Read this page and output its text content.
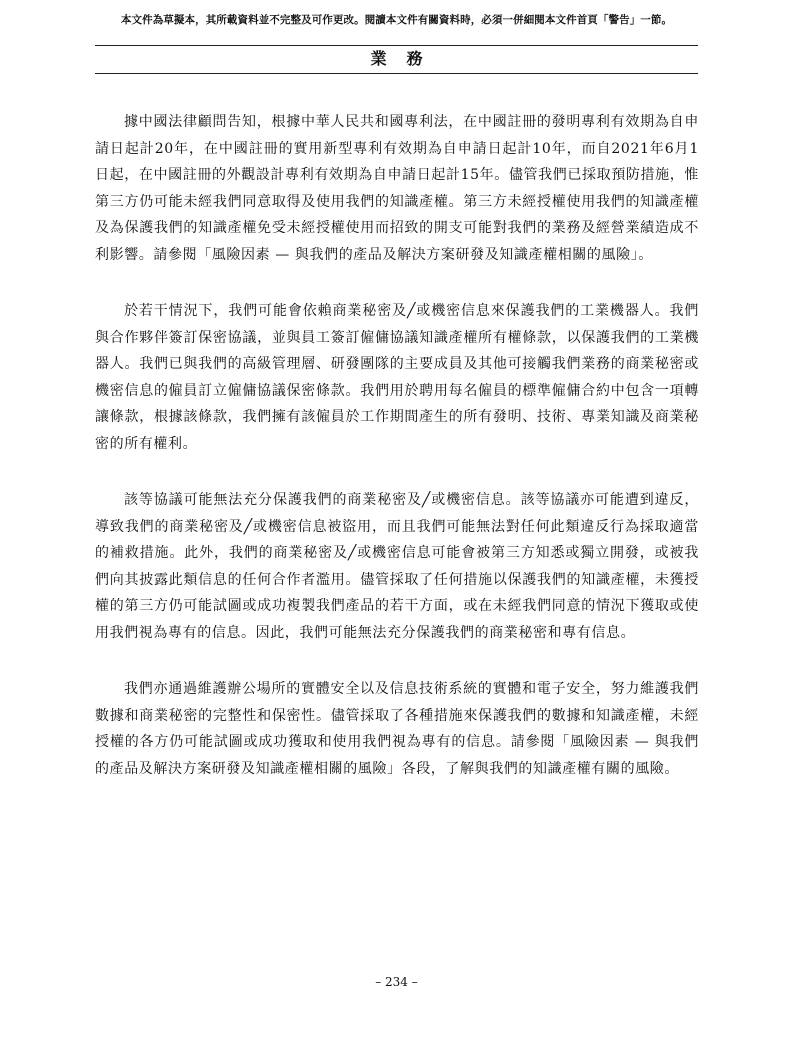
本文件為草擬本，其所載資料並不完整及可作更改。閱讀本文件有關資料時，必須一併細閱本文件首頁「警告」一節。
業務

據中國法律顧問告知，根據中華人民共和國專利法，在中國註冊的發明專利有效期為自申請日起計20年，在中國註冊的實用新型專利有效期為自申請日起計10年，而自2021年6月1日起，在中國註冊的外觀設計專利有效期為自申請日起計15年。儘管我們已採取預防措施，惟第三方仍可能未經我們同意取得及使用我們的知識產權。第三方未經授權使用我們的知識產權及為保護我們的知識產權免受未經授權使用而招致的開支可能對我們的業務及經營業績造成不利影響。請參閱「風險因素 — 與我們的產品及解決方案研發及知識產權相關的風險」。

於若干情況下，我們可能會依賴商業秘密及╱或機密信息來保護我們的工業機器人。我們與合作夥伴簽訂保密協議，並與員工簽訂僱傭協議知識產權所有權條款，以保護我們的工業機器人。我們已與我們的高級管理層、研發團隊的主要成員及其他可接觸我們業務的商業秘密或機密信息的僱員訂立僱傭協議保密條款。我們用於聘用每名僱員的標準僱傭合約中包含一項轉讓條款，根據該條款，我們擁有該僱員於工作期間產生的所有發明、技術、專業知識及商業秘密的所有權利。

該等協議可能無法充分保護我們的商業秘密及╱或機密信息。該等協議亦可能遭到違反，導致我們的商業秘密及╱或機密信息被盜用，而且我們可能無法對任何此類違反行為採取適當的補救措施。此外，我們的商業秘密及╱或機密信息可能會被第三方知悉或獨立開發，或被我們向其披露此類信息的任何合作者濫用。儘管採取了任何措施以保護我們的知識產權，未獲授權的第三方仍可能試圖或成功複製我們產品的若干方面，或在未經我們同意的情況下獲取或使用我們視為專有的信息。因此，我們可能無法充分保護我們的商業秘密和專有信息。

我們亦通過維護辦公場所的實體安全以及信息技術系統的實體和電子安全，努力維護我們數據和商業秘密的完整性和保密性。儘管採取了各種措施來保護我們的數據和知識產權，未經授權的各方仍可能試圖或成功獲取和使用我們視為專有的信息。請參閱「風險因素 — 與我們的產品及解決方案研發及知識產權相關的風險」各段，了解與我們的知識產權有關的風險。

– 234 –
